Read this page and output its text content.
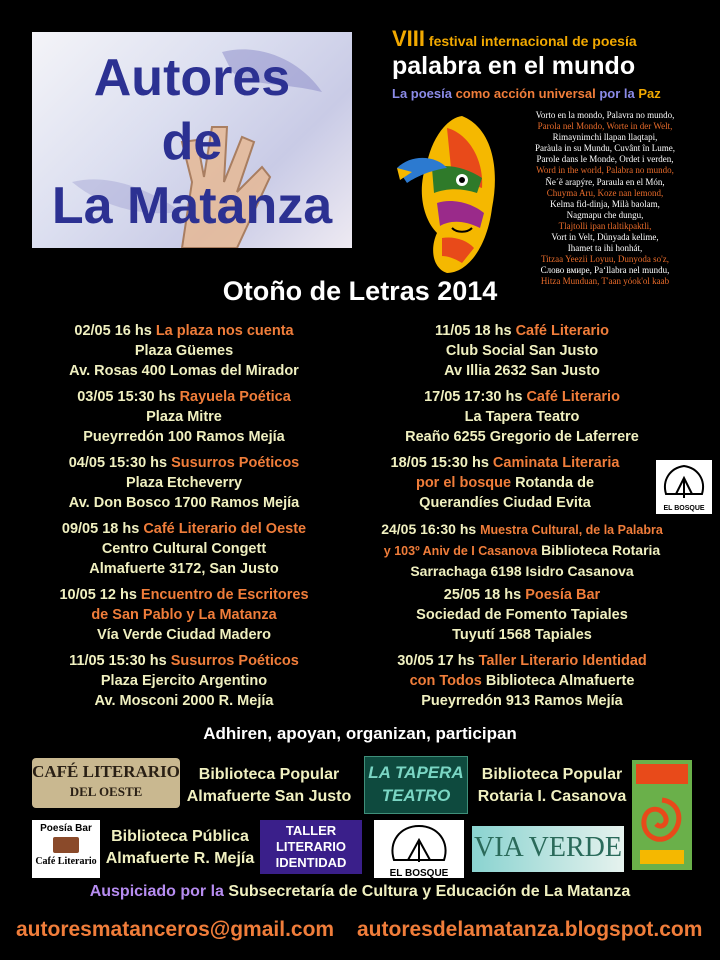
Autores
de
La Matanza
VIII festival internacional de poesía
palabra en el mundo
La poesía como acción universal por la Paz
Vorto en la mondo, Palavra no mundo,
Parola nel Mondo, Worte in der Welt,
Rimaynimchi llapan llaqtapi,
Paràula in su Mundu, Cuvânt în Lume,
Parole dans le Monde, Ordet i verden,
Word in the world, Palabra no mundo,
Ñe´ẽ arapýre, Paraula en el Món,
Chuyma Aru, Koze nan lemond,
Kelma fid-dinja, Milà baolam,
Nagmapu che dungu,
Tlajtolli ipan tlaltikpaktli,
Vort in Velt, Dünyada kelime,
Ihamet ta ihi honhát,
Titzaa Yeezii Loyuu, Dunyoda so'z,
Слово вмире, Paʻllabra nel mundu,
Hitza Munduan, T'aan yóok'ol kaab
Otoño de Letras 2014
02/05 16 hs La plaza nos cuenta
Plaza Güemes
Av. Rosas 400 Lomas del Mirador
03/05 15:30 hs Rayuela Poética
Plaza Mitre
Pueyrredón 100 Ramos Mejía
04/05 15:30 hs Susurros Poéticos
Plaza Etcheverry
Av. Don Bosco 1700 Ramos Mejía
09/05 18 hs Café Literario del Oeste
Centro Cultural Congett
Almafuerte 3172, San Justo
10/05 12 hs Encuentro de Escritores
de San Pablo y La Matanza
Vía Verde Ciudad Madero
11/05 15:30 hs Susurros Poéticos
Plaza Ejercito Argentino
Av. Mosconi 2000 R. Mejía
11/05 18 hs Café Literario
Club Social San Justo
Av Illia 2632 San Justo
17/05 17:30 hs Café Literario
La Tapera Teatro
Reaño 6255 Gregorio de Laferrere
18/05 15:30 hs Caminata Literaria
por el bosque Rotanda de
Querandíes Ciudad Evita	EL BOSQUE
24/05 16:30 hs Muestra Cultural, de la Palabra
y 103º Aniv de I Casanova Biblioteca Rotaria
Sarrachaga 6198 Isidro Casanova
25/05 18 hs Poesía Bar
Sociedad de Fomento Tapiales
Tuyutí 1568 Tapiales
30/05 17 hs Taller Literario Identidad
con Todos Biblioteca Almafuerte
Pueyrredón 913 Ramos Mejía
Adhiren, apoyan, organizan, participan
CAFÉ LITERARIO
DEL OESTE
Biblioteca Popular
Almafuerte San Justo
LA TAPERA
TEATRO
Biblioteca Popular
Rotaria I. Casanova
Poesía Bar
Café Literario
Biblioteca Pública
Almafuerte R. Mejía
TALLER
LITERARIO
IDENTIDAD
EL BOSQUE
VIA VERDE
Auspiciado por la Subsecretaría de Cultura y Educación de La Matanza
autoresmatanceros@gmail.com autoresdelamatanza.blogspot.com
